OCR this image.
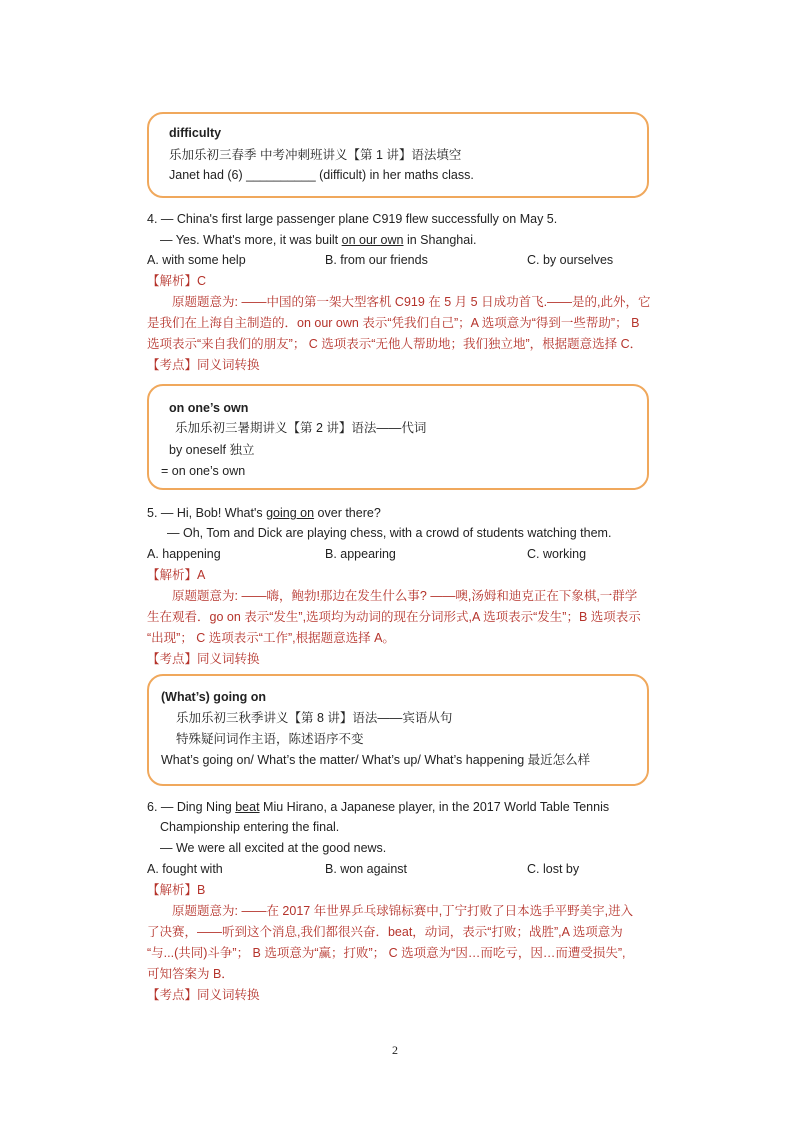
difficulty
乐加乐初三春季 中考冲刺班讲义【第 1 讲】语法填空
Janet had (6) __________ (difficult) in her maths class.
4. — China's first large passenger plane C919 flew successfully on May 5.
— Yes. What's more, it was built on our own in Shanghai.
A. with some help	B. from our friends	C. by ourselves
【解析】C
原题题意为: ——中国的第一架大型客机 C919 在 5 月 5 日成功首飞.——是的,此外，它
是我们在上海自主制造的．on our own 表示“凭我们自己”；A 选项意为“得到一些帮助”； B
选项表示“来自我们的朋友”； C 选项表示“无他人帮助地；我们独立地”，根据题意选择 C．
【考点】同义词转换
on one’s own
乐加乐初三暑期讲义【第 2 讲】语法——代词
by oneself 独立
= on one’s own
5. — Hi, Bob! What's going on over there?
— Oh, Tom and Dick are playing chess, with a crowd of students watching them.
A. happening	B. appearing	C. working
【解析】A
原题题意为: ——嗨，鲍勃!那边在发生什么事? ——噢,汤姆和迪克正在下象棋,一群学
生在观看．go on 表示“发生”,选项均为动词的现在分词形式,A 选项表示“发生”；B 选项表示
“出现”； C 选项表示“工作”,根据题意选择 A。
【考点】同义词转换
(What’s) going on
乐加乐初三秋季讲义【第 8 讲】语法——宾语从句
特殊疑问词作主语，陈述语序不变
What’s going on/ What’s the matter/ What’s up/ What’s happening 最近怎么样
6. — Ding Ning beat Miu Hirano, a Japanese player, in the 2017 World Table Tennis
Championship entering the final.
— We were all excited at the good news.
A. fought with	B. won against	C. lost by
【解析】B
原题题意为: ——在 2017 年世界乒乓球锦标赛中,丁宁打败了日本选手平野美宇,进入
了决赛，——听到这个消息,我们都很兴奋．beat，动词，表示“打败；战胜”,A 选项意为
“与...(共同)斗争”； B 选项意为“赢；打败”； C 选项意为“因…而吃亏，因…而遭受损失”,
可知答案为 B．
【考点】同义词转换
2
